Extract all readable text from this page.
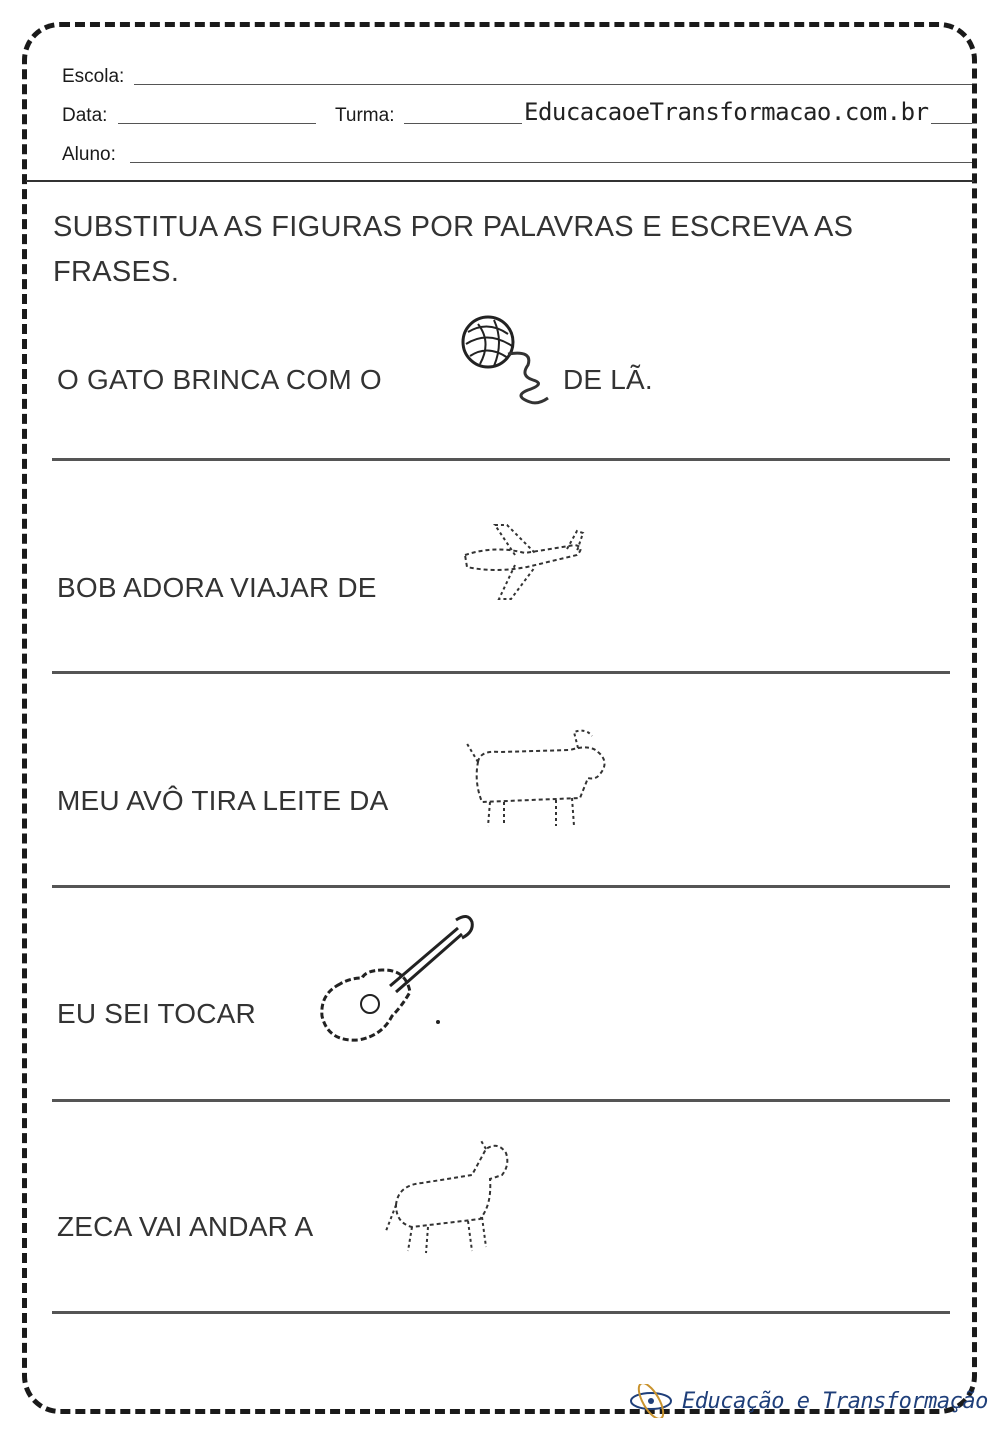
Escola:
Data:	Turma:	EducacaoeTransformacao.com.br
Aluno:
SUBSTITUA AS FIGURAS POR PALAVRAS E ESCREVA AS FRASES.
O GATO BRINCA COM O	DE LÃ.
BOB ADORA VIAJAR DE
MEU AVÔ TIRA LEITE DA
EU SEI TOCAR
ZECA VAI ANDAR A
Educação e Transformação
